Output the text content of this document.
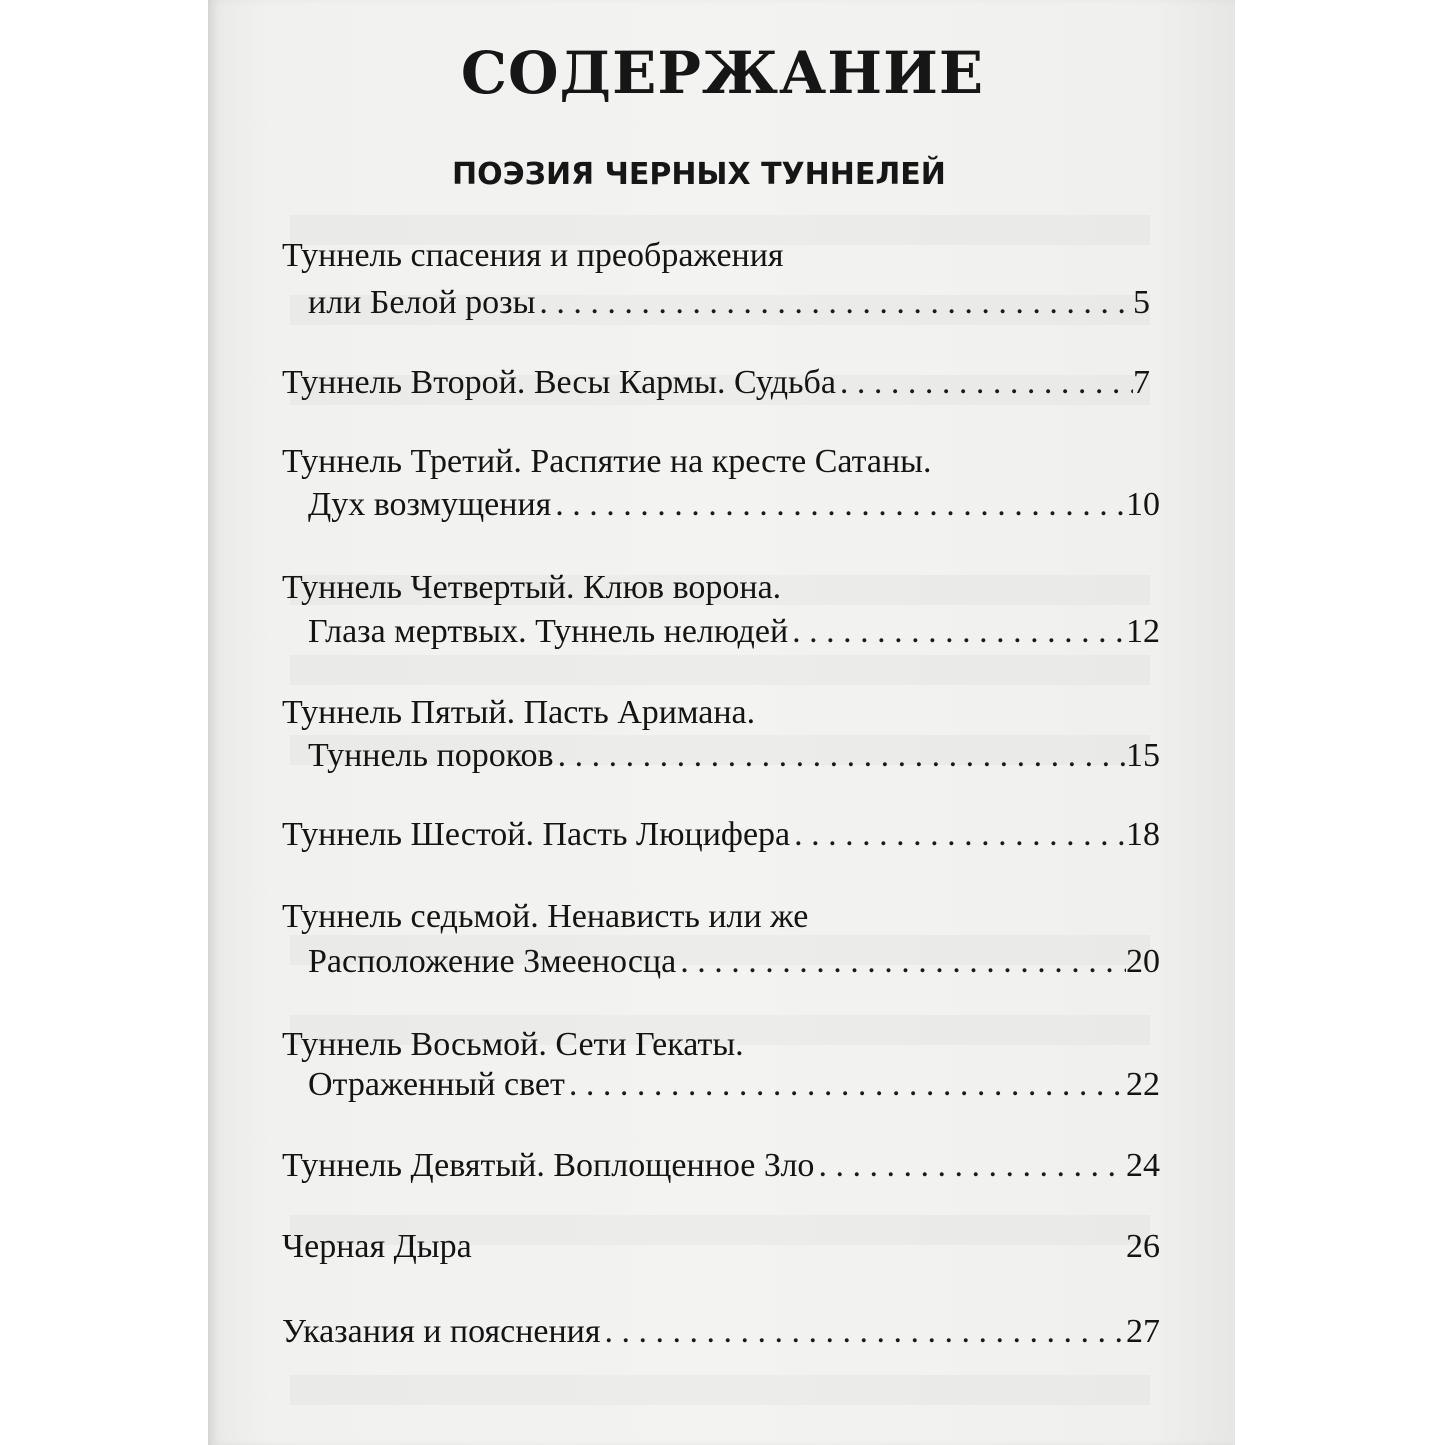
СОДЕРЖАНИЕ
ПОЭЗИЯ ЧЕРНЫХ ТУННЕЛЕЙ
Туннель спасения и преображения
или Белой розы . . .	5
Туннель Второй. Весы Кармы. Судьба . . .	7
Туннель Третий. Распятие на кресте Сатаны.
Дух возмущения . . .	10
Туннель Четвертый. Клюв ворона.
Глаза мертвых. Туннель нелюдей . . .	12
Туннель Пятый. Пасть Аримана.
Туннель пороков . . .	15
Туннель Шестой. Пасть Люцифера . . .	18
Туннель седьмой. Ненависть или же
Расположение Змееносца . . .	20
Туннель Восьмой. Сети Гекаты.
Отраженный свет . . .	22
Туннель Девятый. Воплощенное Зло . . .	24
Черная Дыра	26
Указания и пояснения . . .	27
